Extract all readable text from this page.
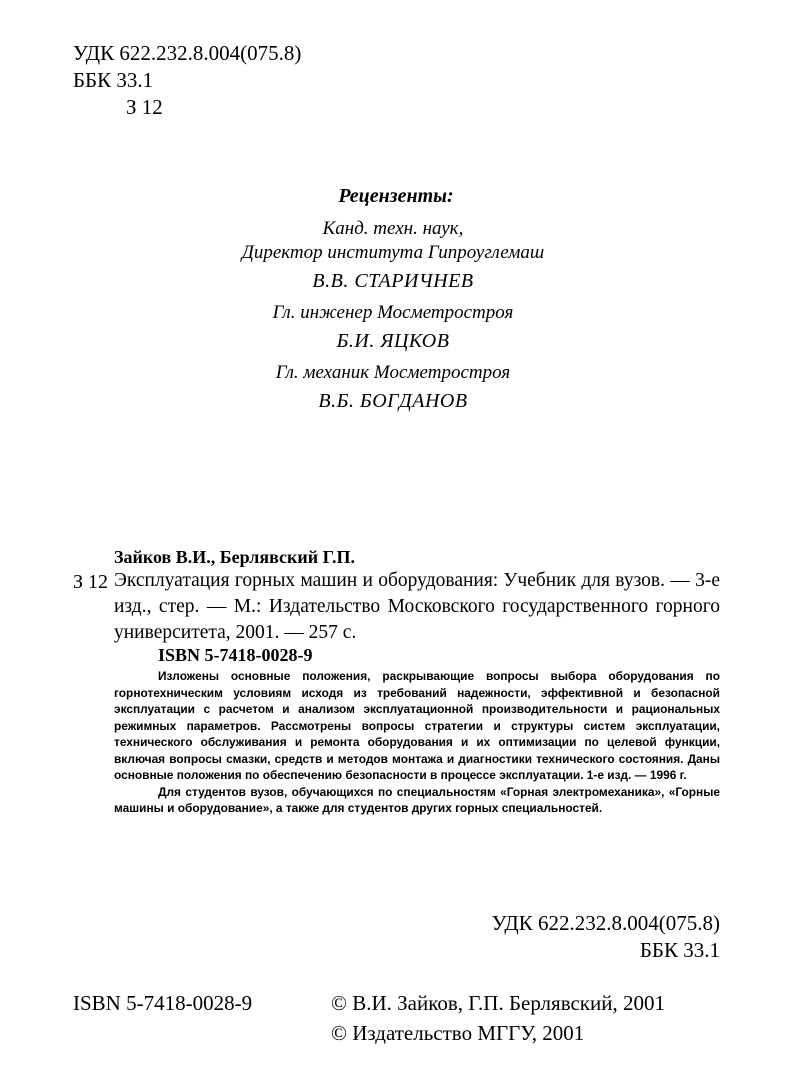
УДК 622.232.8.004(075.8)
ББК 33.1
З 12
Рецензенты:
Канд. техн. наук,
Директор института Гипроуглемаш
В.В. СТАРИЧНЕВ
Гл. инженер Мосметростроя
Б.И. ЯЦКОВ
Гл. механик Мосметростроя
В.Б. БОГДАНОВ
Зайков В.И., Берлявский Г.П.
З 12 Эксплуатация горных машин и оборудования: Учебник для вузов. — 3-е изд., стер. — М.: Издательство Московского государственного горного университета, 2001. — 257 с.
ISBN 5-7418-0028-9

Изложены основные положения, раскрывающие вопросы выбора оборудования по горнотехническим условиям исходя из требований надежности, эффективной и безопасной эксплуатации с расчетом и анализом эксплуатационной производительности и рациональных режимных параметров. Рассмотрены вопросы стратегии и структуры систем эксплуатации, технического обслуживания и ремонта оборудования и их оптимизации по целевой функции, включая вопросы смазки, средств и методов монтажа и диагностики технического состояния. Даны основные положения по обеспечению безопасности в процессе эксплуатации. 1-е изд. — 1996 г.

Для студентов вузов, обучающихся по специальностям «Горная электромеханика», «Горные машины и оборудование», а также для студентов других горных специальностей.

УДК 622.232.8.004(075.8)
ББК 33.1
ISBN 5-7418-0028-9	© В.И. Зайков, Г.П. Берлявский, 2001
© Издательство МГГУ, 2001
